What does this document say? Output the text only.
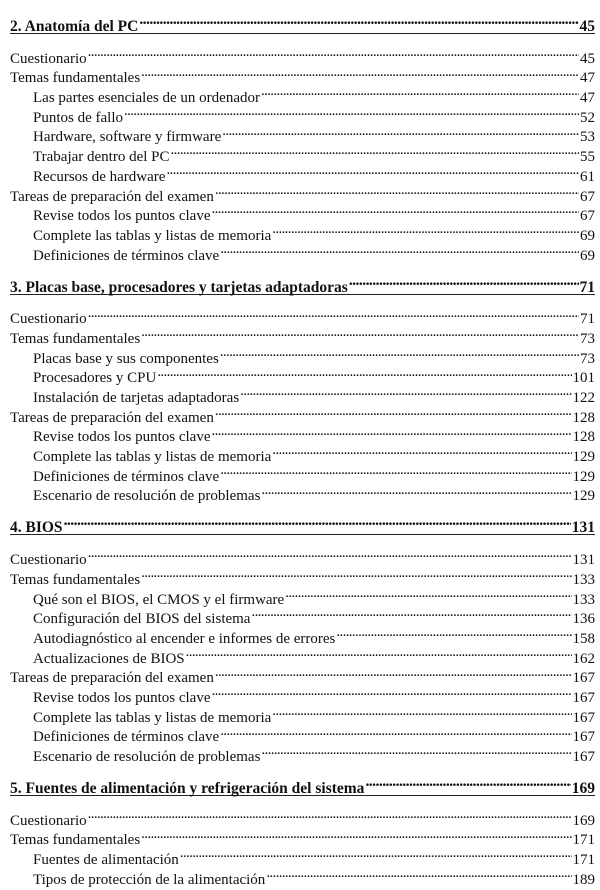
2. Anatomía del PC . . .	45
Cuestionario . . .	45
Temas fundamentales . . .	47
Las partes esenciales de un ordenador . . .	47
Puntos de fallo . . .	52
Hardware, software y firmware . . .	53
Trabajar dentro del PC . . .	55
Recursos de hardware . . .	61
Tareas de preparación del examen . . .	67
Revise todos los puntos clave . . .	67
Complete las tablas y listas de memoria . . .	69
Definiciones de términos clave . . .	69
3. Placas base, procesadores y tarjetas adaptadoras . . .	71
Cuestionario . . .	71
Temas fundamentales . . .	73
Placas base y sus componentes . . .	73
Procesadores y CPU . . .	101
Instalación de tarjetas adaptadoras . . .	122
Tareas de preparación del examen . . .	128
Revise todos los puntos clave . . .	128
Complete las tablas y listas de memoria . . .	129
Definiciones de términos clave . . .	129
Escenario de resolución de problemas . . .	129
4. BIOS . . .	131
Cuestionario . . .	131
Temas fundamentales . . .	133
Qué son el BIOS, el CMOS y el firmware . . .	133
Configuración del BIOS del sistema . . .	136
Autodiagnóstico al encender e informes de errores . . .	158
Actualizaciones de BIOS . . .	162
Tareas de preparación del examen . . .	167
Revise todos los puntos clave . . .	167
Complete las tablas y listas de memoria . . .	167
Definiciones de términos clave . . .	167
Escenario de resolución de problemas . . .	167
5. Fuentes de alimentación y refrigeración del sistema . . .	169
Cuestionario . . .	169
Temas fundamentales . . .	171
Fuentes de alimentación . . .	171
Tipos de protección de la alimentación . . .	189
